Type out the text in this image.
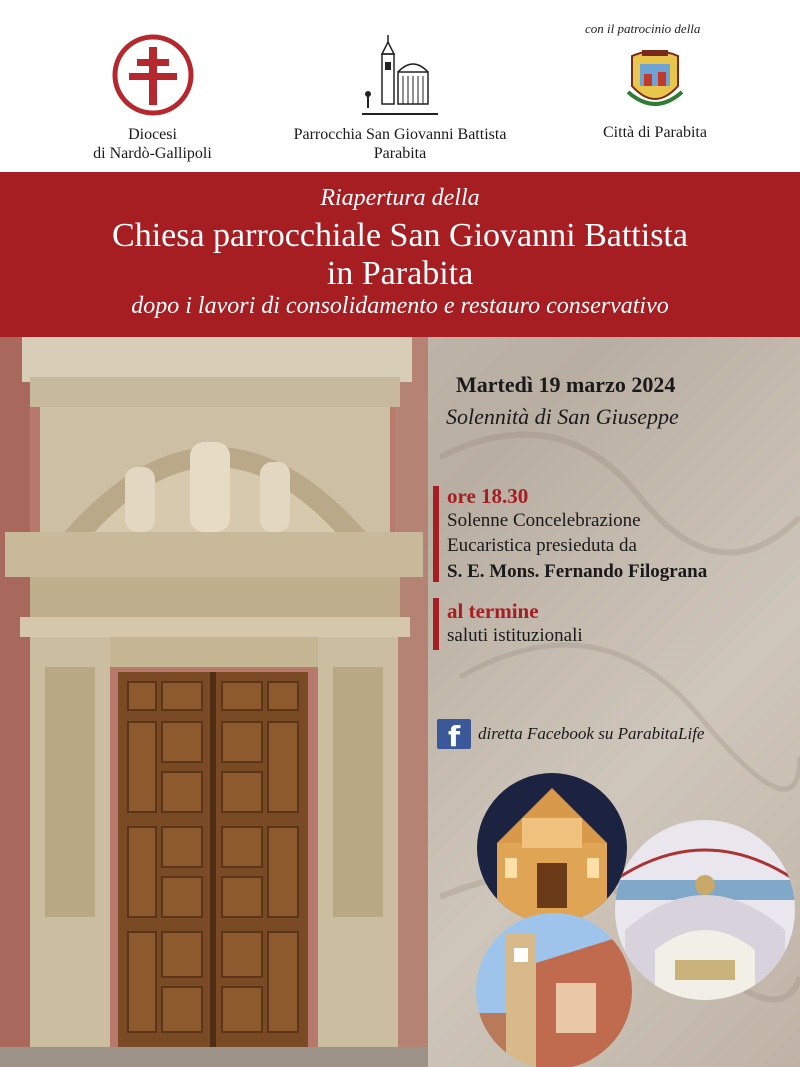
Diocesi
di Nardò-Gallipoli
Parrocchia San Giovanni Battista
Parabita
con il patrocinio della
Città di Parabita
Riapertura della
Chiesa parrocchiale San Giovanni Battista
in Parabita
dopo i lavori di consolidamento e restauro conservativo
Martedì 19 marzo 2024
Solennità di San Giuseppe
ore 18.30
Solenne Concelebrazione
Eucaristica presieduta da
S. E. Mons. Fernando Filograna
al termine
saluti istituzionali
f diretta Facebook su ParabitaLife
